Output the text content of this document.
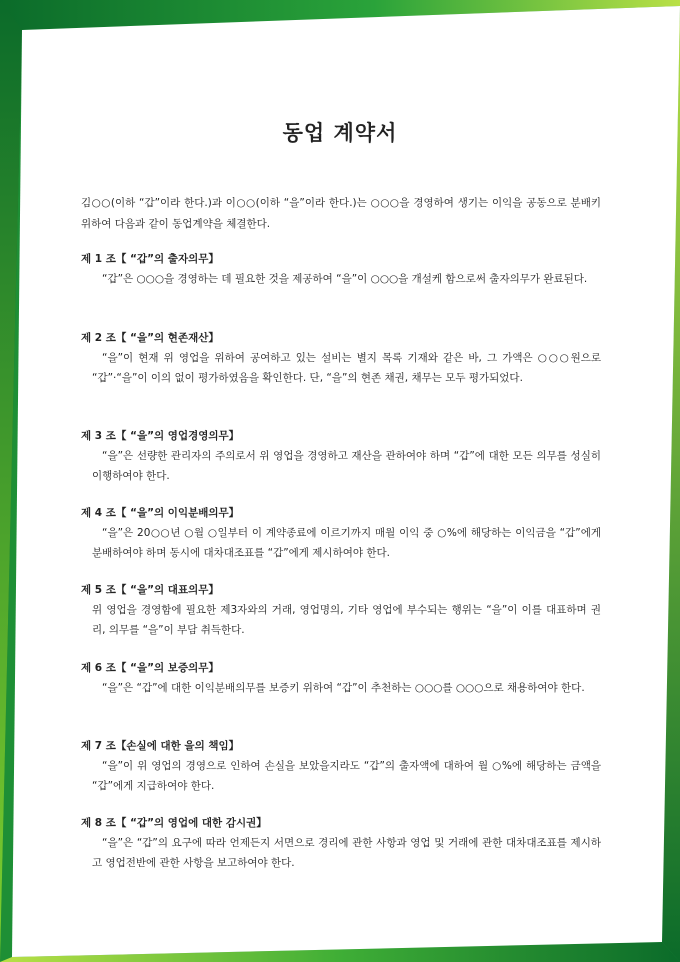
동업 계약서
김○○(이하 “갑”이라 한다.)과 이○○(이하 “을”이라 한다.)는 ○○○을 경영하여 생기는 이익을 공동으로 분배키 위하여 다음과 같이 동업계약을 체결한다.

제 1 조【 “갑”의 출자의무】

“갑”은 ○○○을 경영하는 데 필요한 것을 제공하여 “을”이 ○○○을 개설케 함으로써 출자의무가 완료된다.

제 2 조【 “을”의 현존재산】

“을”이 현재 위 영업을 위하여 공여하고 있는 설비는 별지 목록 기재와 같은 바, 그 가액은 ○○○원으로 “갑”·“을”이 이의 없이 평가하였음을 확인한다. 단, “을”의 현존 채권, 채무는 모두 평가되었다.

제 3 조【 “을”의 영업경영의무】

“을”은 선량한 관리자의 주의로서 위 영업을 경영하고 재산을 관하여야 하며 “갑”에 대한 모든 의무를 성실히 이행하여야 한다.

제 4 조【 “을”의 이익분배의무】

“을”은 20○○년 ○월 ○일부터 이 계약종료에 이르기까지 매월 이익 중 ○%에 해당하는 이익금을 “갑”에게 분배하여야 하며 동시에 대차대조표를 “갑”에게 제시하여야 한다.

제 5 조【 “을”의 대표의무】

위 영업을 경영함에 필요한 제3자와의 거래, 영업명의, 기타 영업에 부수되는 행위는 “을”이 이를 대표하며 권리, 의무를 “을”이 부담 취득한다.

제 6 조【 “을”의 보증의무】

“을”은 “갑”에 대한 이익분배의무를 보증키 위하여 “갑”이 추천하는 ○○○를 ○○○으로 채용하여야 한다.

제 7 조【손실에 대한 을의 책임】

“을”이 위 영업의 경영으로 인하여 손실을 보았을지라도 “갑”의 출자액에 대하여 월 ○%에 해당하는 금액을 “갑”에게 지급하여야 한다.

제 8 조【 “갑”의 영업에 대한 감시권】

“을”은 “갑”의 요구에 따라 언제든지 서면으로 경리에 관한 사항과 영업 및 거래에 관한 대차대조표를 제시하고 영업전반에 관한 사항을 보고하여야 한다.
